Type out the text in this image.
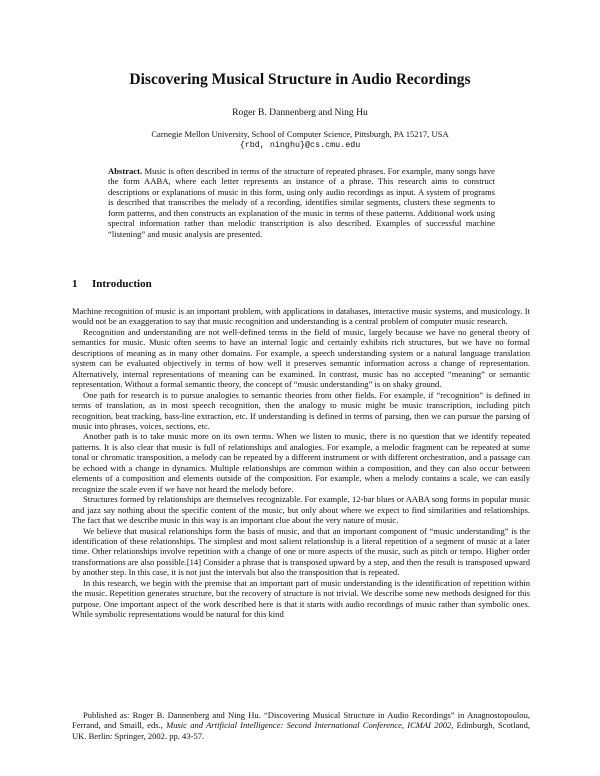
Discovering Musical Structure in Audio Recordings
Roger B. Dannenberg and Ning Hu
Carnegie Mellon University, School of Computer Science, Pittsburgh, PA 15217, USA
{rbd, ninghu}@cs.cmu.edu

Abstract. Music is often described in terms of the structure of repeated phrases. For example, many songs have the form AABA, where each letter represents an instance of a phrase. This research aims to construct descriptions or explanations of music in this form, using only audio recordings as input. A system of programs is described that transcribes the melody of a recording, identifies similar segments, clusters these segments to form patterns, and then constructs an explanation of the music in terms of these patterns. Additional work using spectral information rather than melodic transcription is also described. Examples of successful machine “listening” and music analysis are presented.

1 Introduction

Machine recognition of music is an important problem, with applications in databases, interactive music systems, and musicology. It would not be an exaggeration to say that music recognition and understanding is a central problem of computer music research.

Recognition and understanding are not well-defined terms in the field of music, largely because we have no general theory of semantics for music. Music often seems to have an internal logic and certainly exhibits rich structures, but we have no formal descriptions of meaning as in many other domains. For example, a speech understanding system or a natural language translation system can be evaluated objectively in terms of how well it preserves semantic information across a change of representation. Alternatively, internal representations of meaning can be examined. In contrast, music has no accepted “meaning” or semantic representation. Without a formal semantic theory, the concept of “music understanding” is on shaky ground.

One path for research is to pursue analogies to semantic theories from other fields. For example, if “recognition” is defined in terms of translation, as in most speech recognition, then the analogy to music might be music transcription, including pitch recognition, beat tracking, bass-line extraction, etc. If understanding is defined in terms of parsing, then we can pursue the parsing of music into phrases, voices, sections, etc.

Another path is to take music more on its own terms. When we listen to music, there is no question that we identify repeated patterns. It is also clear that music is full of relationships and analogies. For example, a melodic fragment can be repeated at some tonal or chromatic transposition, a melody can be repeated by a different instrument or with different orchestration, and a passage can be echoed with a change in dynamics. Multiple relationships are common within a composition, and they can also occur between elements of a composition and elements outside of the composition. For example, when a melody contains a scale, we can easily recognize the scale even if we have not heard the melody before.

Structures formed by relationships are themselves recognizable. For example, 12-bar blues or AABA song forms in popular music and jazz say nothing about the specific content of the music, but only about where we expect to find similarities and relationships. The fact that we describe music in this way is an important clue about the very nature of music.

We believe that musical relationships form the basis of music, and that an important component of “music understanding” is the identification of these relationships. The simplest and most salient relationship is a literal repetition of a segment of music at a later time. Other relationships involve repetition with a change of one or more aspects of the music, such as pitch or tempo. Higher order transformations are also possible.[14] Consider a phrase that is transposed upward by a step, and then the result is transposed upward by another step. In this case, it is not just the intervals but also the transposition that is repeated.

In this research, we begin with the premise that an important part of music understanding is the identification of repetition within the music. Repetition generates structure, but the recovery of structure is not trivial. We describe some new methods designed for this purpose. One important aspect of the work described here is that it starts with audio recordings of music rather than symbolic ones. While symbolic representations would be natural for this kind

Published as: Roger B. Dannenberg and Ning Hu. “Discovering Musical Structure in Audio Recordings” in Anagnostopoulou, Ferrand, and Smaill, eds., Music and Artificial Intelligence: Second International Conference, ICMAI 2002, Edinburgh, Scotland, UK. Berlin: Springer, 2002. pp. 43-57.
